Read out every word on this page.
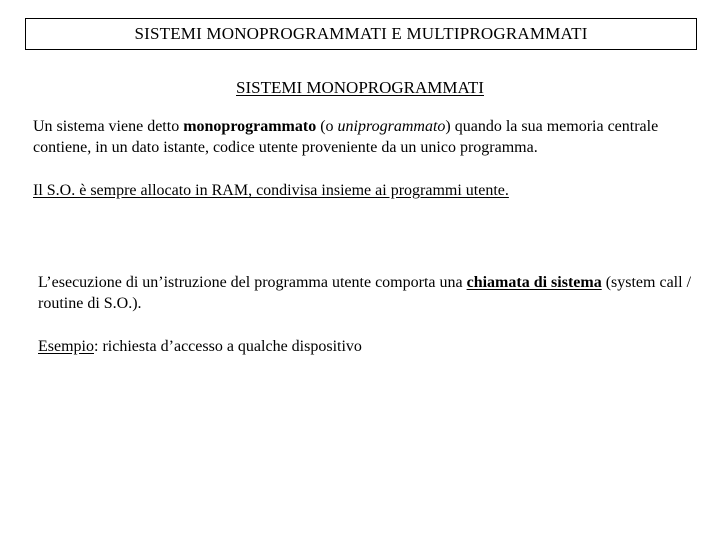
SISTEMI MONOPROGRAMMATI E MULTIPROGRAMMATI
SISTEMI MONOPROGRAMMATI

Un sistema viene detto monoprogrammato (o uniprogrammato) quando la sua memoria centrale contiene, in un dato istante, codice utente proveniente da un unico programma.

Il S.O. è sempre allocato in RAM, condivisa insieme ai programmi utente.

L’esecuzione di un’istruzione del programma utente comporta una chiamata di sistema (system call / routine di S.O.).

Esempio: richiesta d’accesso a qualche dispositivo
